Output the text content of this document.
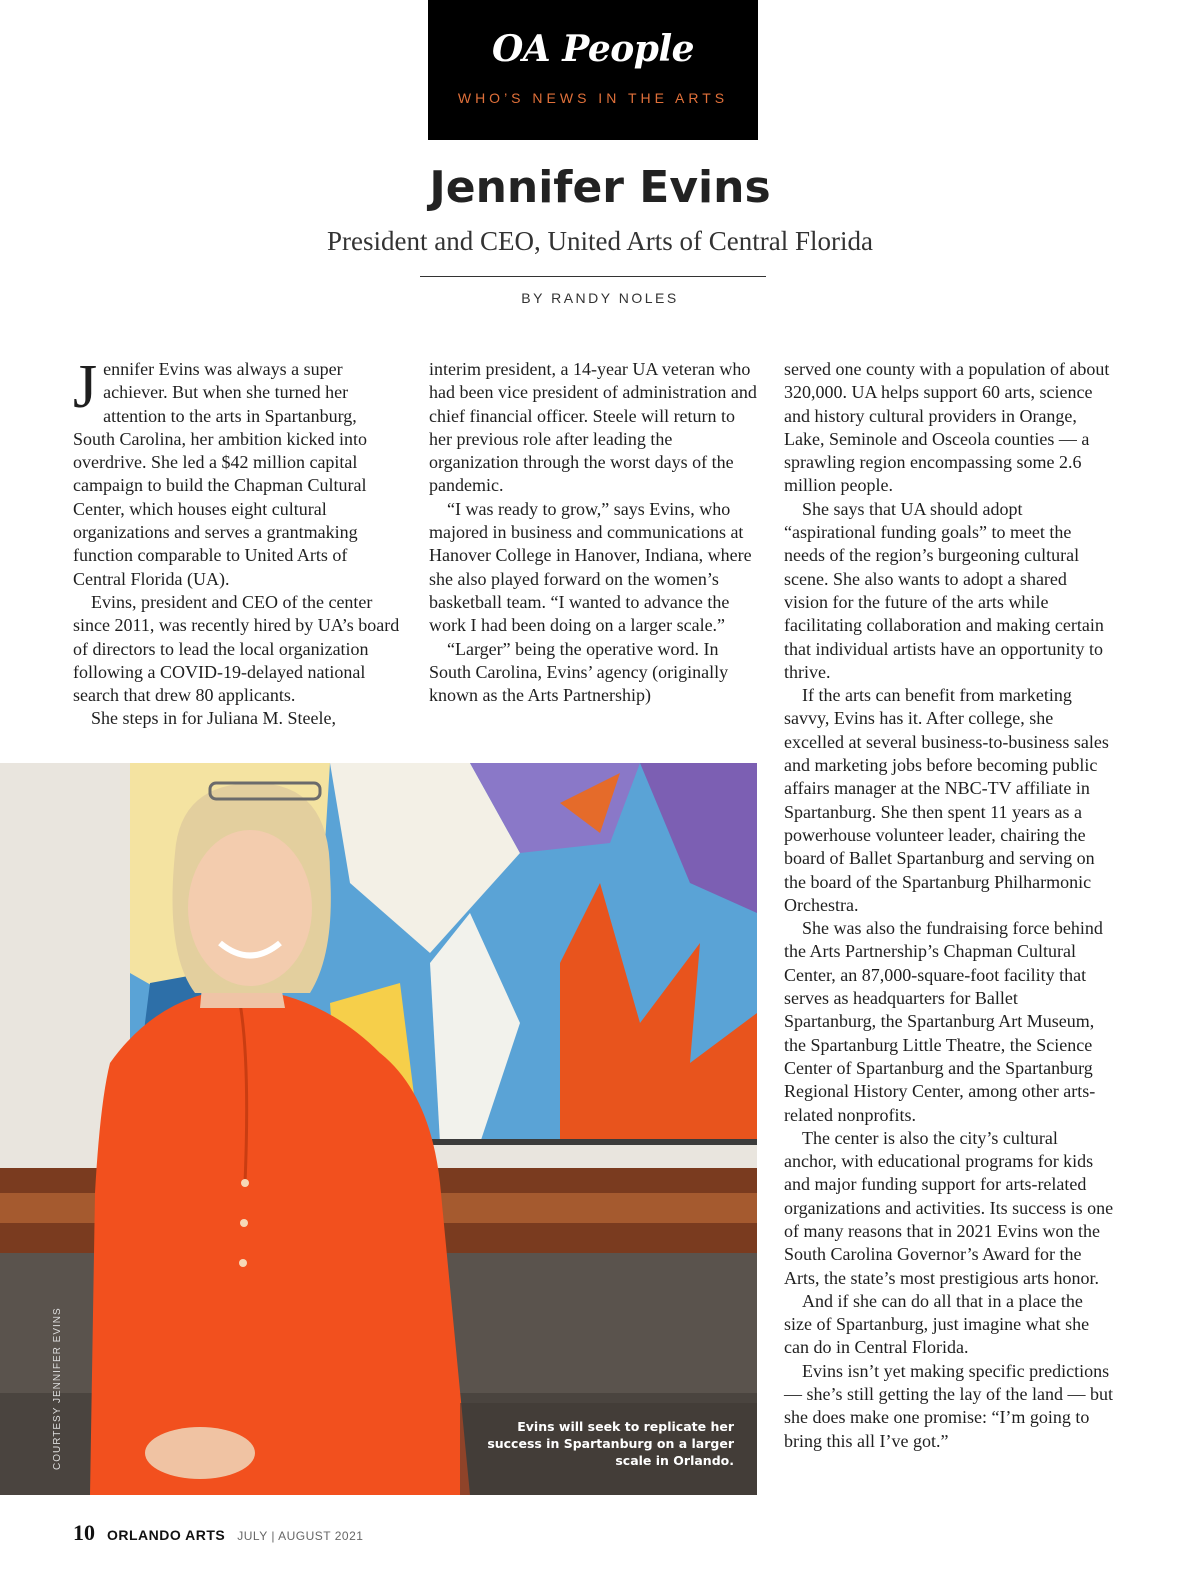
OA People
WHO’S NEWS IN THE ARTS
Jennifer Evins
President and CEO, United Arts of Central Florida
BY RANDY NOLES

Jennifer Evins was always a super achiever. But when she turned her attention to the arts in Spartanburg, South Carolina, her ambition kicked into overdrive. She led a $42 million capital campaign to build the Chapman Cultural Center, which houses eight cultural organizations and serves a grantmaking function comparable to United Arts of Central Florida (UA).

Evins, president and CEO of the center since 2011, was recently hired by UA’s board of directors to lead the local organization following a COVID-19-delayed national search that drew 80 applicants.

She steps in for Juliana M. Steele,

interim president, a 14-year UA veteran who had been vice president of administration and chief financial officer. Steele will return to her previous role after leading the organization through the worst days of the pandemic.

“I was ready to grow,” says Evins, who majored in business and communications at Hanover College in Hanover, Indiana, where she also played forward on the women’s basketball team. “I wanted to advance the work I had been doing on a larger scale.”

“Larger” being the operative word. In South Carolina, Evins’ agency (originally known as the Arts Partnership)

served one county with a population of about 320,000. UA helps support 60 arts, science and history cultural providers in Orange, Lake, Seminole and Osceola counties — a sprawling region encompassing some 2.6 million people.

She says that UA should adopt “aspirational funding goals” to meet the needs of the region’s burgeoning cultural scene. She also wants to adopt a shared vision for the future of the arts while facilitating collaboration and making certain that individual artists have an opportunity to thrive.

If the arts can benefit from marketing savvy, Evins has it. After college, she excelled at several business-to-business sales and marketing jobs before becoming public affairs manager at the NBC-TV affiliate in Spartanburg. She then spent 11 years as a powerhouse volunteer leader, chairing the board of Ballet Spartanburg and serving on the board of the Spartanburg Philharmonic Orchestra.

She was also the fundraising force behind the Arts Partnership’s Chapman Cultural Center, an 87,000-square-foot facility that serves as headquarters for Ballet Spartanburg, the Spartanburg Art Museum, the Spartanburg Little Theatre, the Science Center of Spartanburg and the Spartanburg Regional History Center, among other arts-related nonprofits.

The center is also the city’s cultural anchor, with educational programs for kids and major funding support for arts-related organizations and activities. Its success is one of many reasons that in 2021 Evins won the South Carolina Governor’s Award for the Arts, the state’s most prestigious arts honor.

And if she can do all that in a place the size of Spartanburg, just imagine what she can do in Central Florida.

Evins isn’t yet making specific predictions — she’s still getting the lay of the land — but she does make one promise: “I’m going to bring this all I’ve got.”

COURTESY JENNIFER EVINS	Evins will seek to replicate her success in Spartanburg on a larger scale in Orlando.
10 ORLANDO ARTS JULY | AUGUST 2021
